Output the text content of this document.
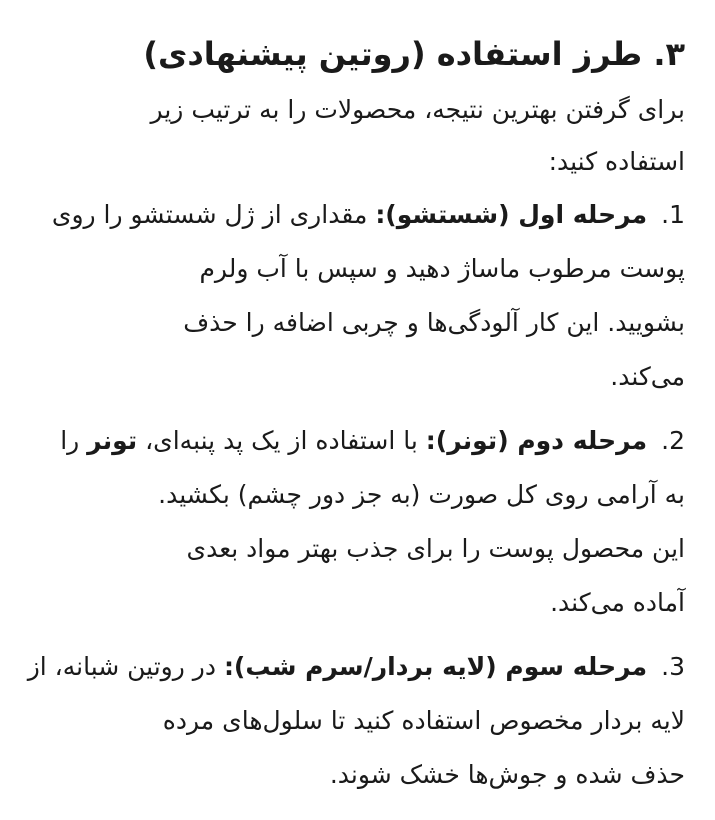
۳. طرز استفاده (روتین پیشنهادی)

برای گرفتن بهترین نتیجه، محصولات را به ترتیب زیر
استفاده کنید:

1.مرحله اول (شستشو): مقداری از ژل شستشو را روی
پوست مرطوب ماساژ دهید و سپس با آب ولرم
بشویید. این کار آلودگی‌ها و چربی اضافه را حذف
می‌کند.
2.مرحله دوم (تونر): با استفاده از یک پد پنبه‌ای، تونر را
به آرامی روی کل صورت (به جز دور چشم) بکشید.
این محصول پوست را برای جذب بهتر مواد بعدی
آماده می‌کند.
3.مرحله سوم (لایه بردار/سرم شب): در روتین شبانه، از
لایه بردار مخصوص استفاده کنید تا سلول‌های مرده
حذف شده و جوش‌ها خشک شوند.
